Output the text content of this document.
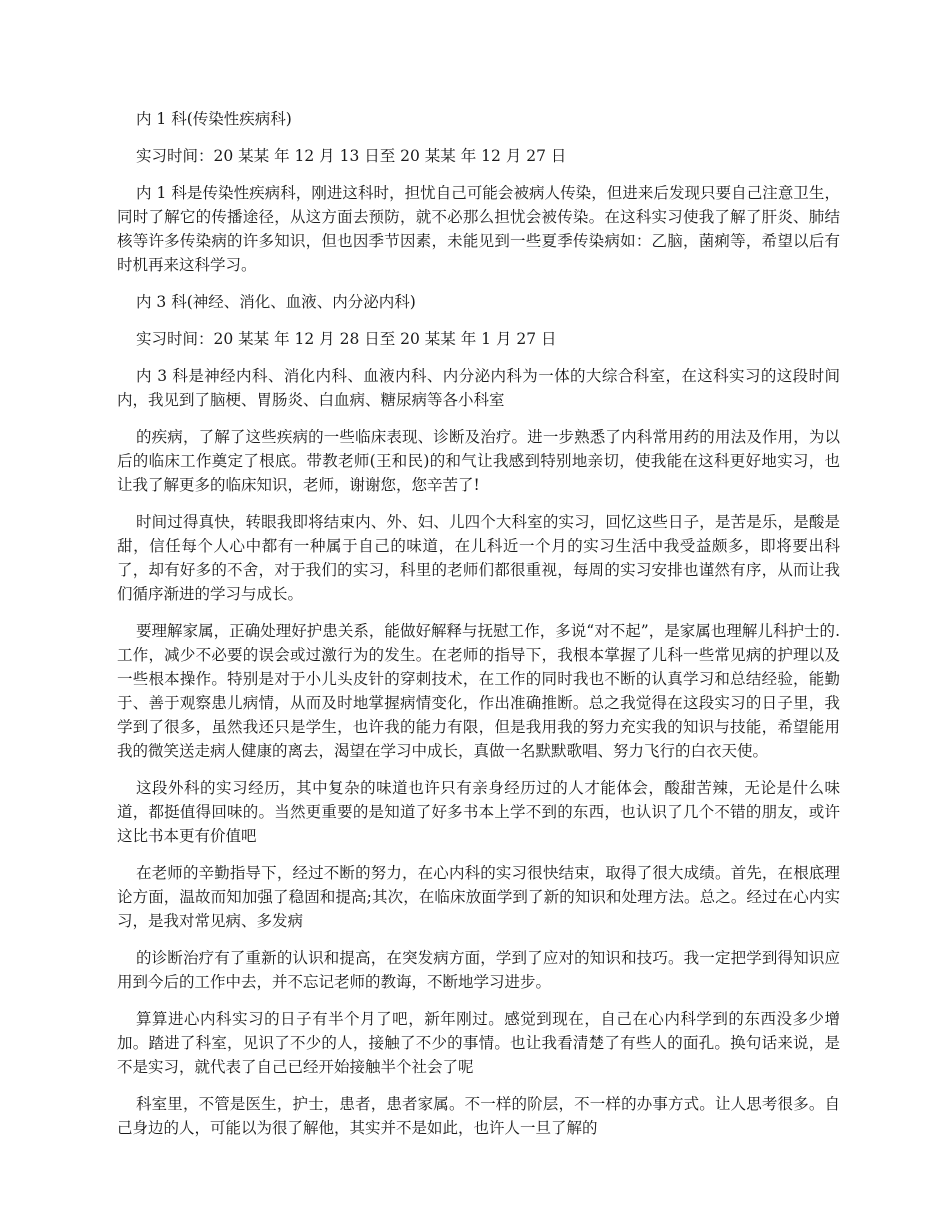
内 1 科(传染性疾病科)

实习时间：20 某某 年 12 月 13 日至 20 某某 年 12 月 27 日

内 1 科是传染性疾病科，刚进这科时，担忧自己可能会被病人传染，但进来后发现只要自己注意卫生，同时了解它的传播途径，从这方面去预防，就不必那么担忧会被传染。在这科实习使我了解了肝炎、肺结核等许多传染病的许多知识，但也因季节因素，未能见到一些夏季传染病如：乙脑，菌痢等，希望以后有时机再来这科学习。

内 3 科(神经、消化、血液、内分泌内科)

实习时间：20 某某 年 12 月 28 日至 20 某某 年 1 月 27 日

内 3 科是神经内科、消化内科、血液内科、内分泌内科为一体的大综合科室，在这科实习的这段时间内，我见到了脑梗、胃肠炎、白血病、糖尿病等各小科室

的疾病，了解了这些疾病的一些临床表现、诊断及治疗。进一步熟悉了内科常用药的用法及作用，为以后的临床工作奠定了根底。带教老师(王和民)的和气让我感到特别地亲切，使我能在这科更好地实习，也让我了解更多的临床知识，老师，谢谢您，您辛苦了!

时间过得真快，转眼我即将结束内、外、妇、儿四个大科室的实习，回忆这些日子，是苦是乐，是酸是甜，信任每个人心中都有一种属于自己的味道，在儿科近一个月的实习生活中我受益颇多，即将要出科了，却有好多的不舍，对于我们的实习，科里的老师们都很重视，每周的实习安排也谨然有序，从而让我们循序渐进的学习与成长。

要理解家属，正确处理好护患关系，能做好解释与抚慰工作，多说“对不起”，是家属也理解儿科护士的.工作，减少不必要的误会或过激行为的发生。在老师的指导下，我根本掌握了儿科一些常见病的护理以及一些根本操作。特别是对于小儿头皮针的穿刺技术，在工作的同时我也不断的认真学习和总结经验，能勤于、善于观察患儿病情，从而及时地掌握病情变化，作出准确推断。总之我觉得在这段实习的日子里，我学到了很多，虽然我还只是学生，也许我的能力有限，但是我用我的努力充实我的知识与技能，希望能用我的微笑送走病人健康的离去，渴望在学习中成长，真做一名默默歌唱、努力飞行的白衣天使。

这段外科的实习经历，其中复杂的味道也许只有亲身经历过的人才能体会，酸甜苦辣，无论是什么味道，都挺值得回味的。当然更重要的是知道了好多书本上学不到的东西，也认识了几个不错的朋友，或许这比书本更有价值吧

在老师的辛勤指导下，经过不断的努力，在心内科的实习很快结束，取得了很大成绩。首先，在根底理论方面，温故而知加强了稳固和提高;其次，在临床放面学到了新的知识和处理方法。总之。经过在心内实习，是我对常见病、多发病

的诊断治疗有了重新的认识和提高，在突发病方面，学到了应对的知识和技巧。我一定把学到得知识应用到今后的工作中去，并不忘记老师的教诲，不断地学习进步。

算算进心内科实习的日子有半个月了吧，新年刚过。感觉到现在，自己在心内科学到的东西没多少增加。踏进了科室，见识了不少的人，接触了不少的事情。也让我看清楚了有些人的面孔。换句话来说，是不是实习，就代表了自己已经开始接触半个社会了呢

科室里，不管是医生，护士，患者，患者家属。不一样的阶层，不一样的办事方式。让人思考很多。自己身边的人，可能以为很了解他，其实并不是如此，也许人一旦了解的
